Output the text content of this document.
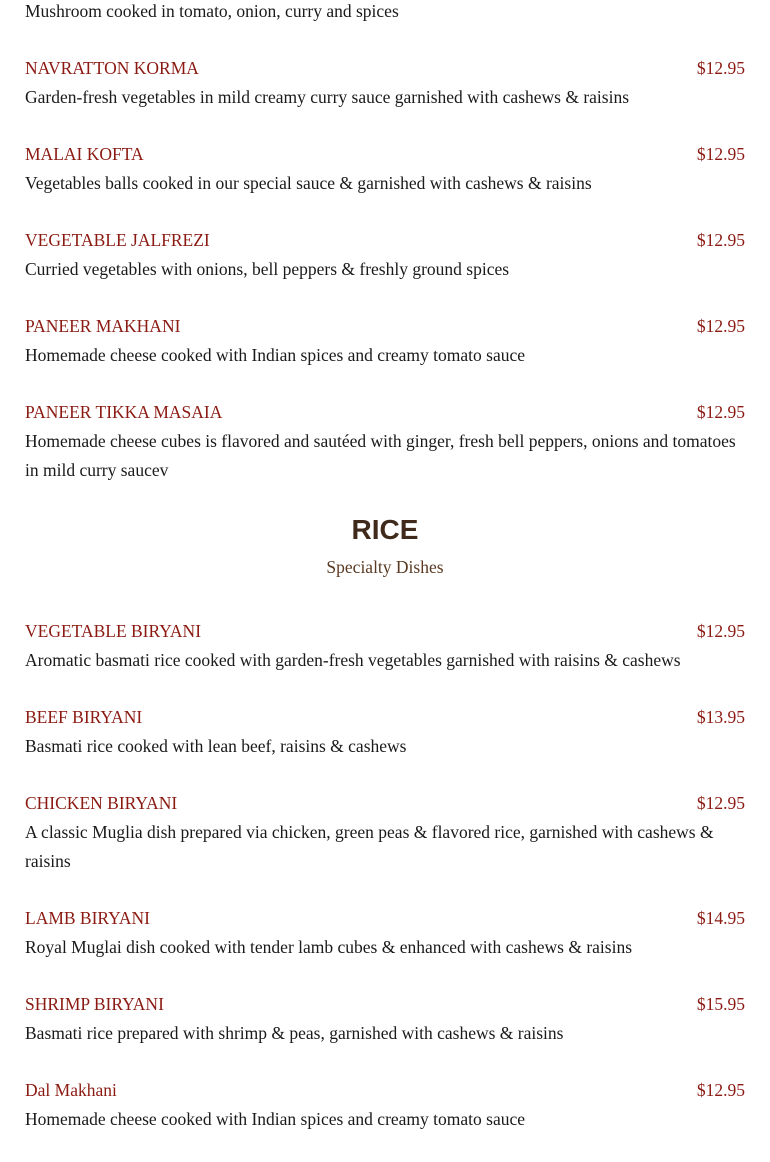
Mushroom cooked in tomato, onion, curry and spices
NAVRATTON KORMA	$12.95
Garden-fresh vegetables in mild creamy curry sauce garnished with cashews & raisins
MALAI KOFTA	$12.95
Vegetables balls cooked in our special sauce & garnished with cashews & raisins
VEGETABLE JALFREZI	$12.95
Curried vegetables with onions, bell peppers & freshly ground spices
PANEER MAKHANI	$12.95
Homemade cheese cooked with Indian spices and creamy tomato sauce
PANEER TIKKA MASAIA	$12.95
Homemade cheese cubes is flavored and sautéed with ginger, fresh bell peppers, onions and tomatoes in mild curry saucev
RICE
Specialty Dishes
VEGETABLE BIRYANI	$12.95
Aromatic basmati rice cooked with garden-fresh vegetables garnished with raisins & cashews
BEEF BIRYANI	$13.95
Basmati rice cooked with lean beef, raisins & cashews
CHICKEN BIRYANI	$12.95
A classic Muglia dish prepared via chicken, green peas & flavored rice, garnished with cashews & raisins
LAMB BIRYANI	$14.95
Royal Muglai dish cooked with tender lamb cubes & enhanced with cashews & raisins
SHRIMP BIRYANI	$15.95
Basmati rice prepared with shrimp & peas, garnished with cashews & raisins
Dal Makhani	$12.95
Homemade cheese cooked with Indian spices and creamy tomato sauce
